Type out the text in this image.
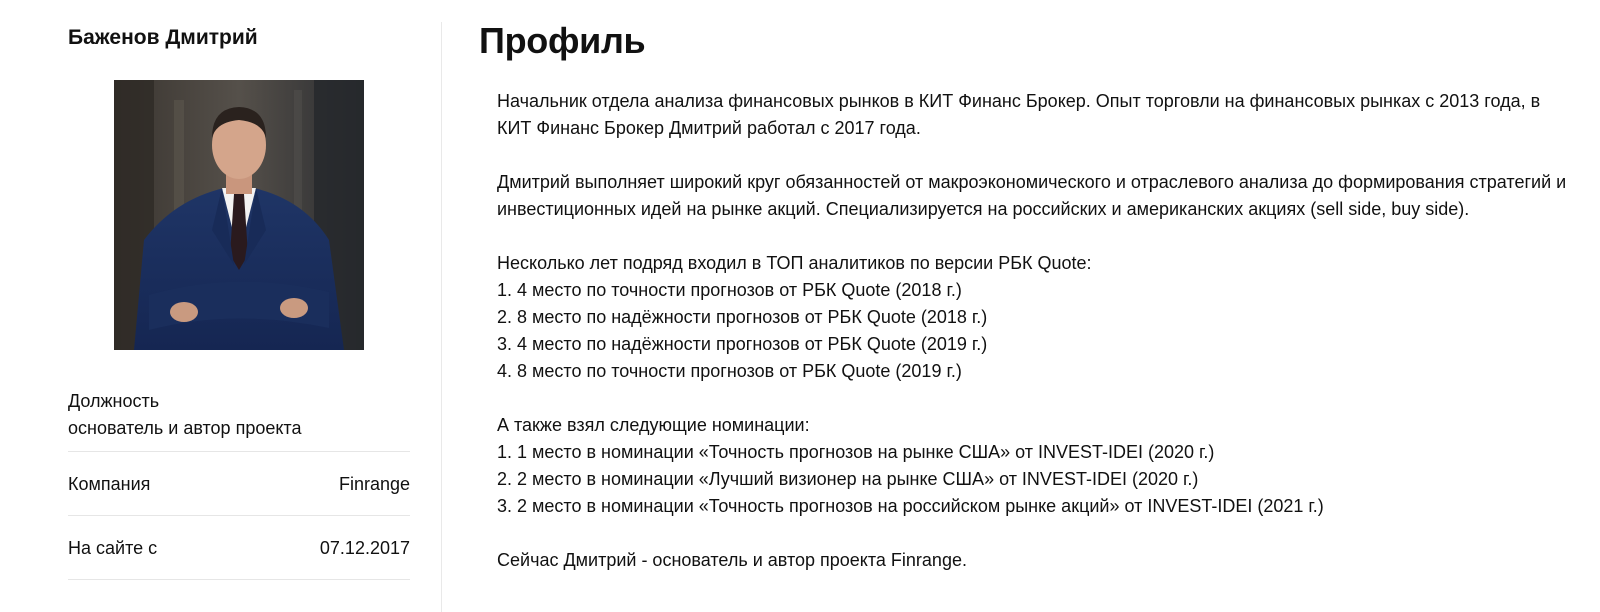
Баженов Дмитрий
Должность
основатель и автор проекта
Компания	Finrange
На сайте с	07.12.2017
Профиль

Начальник отдела анализа финансовых рынков в КИТ Финанс Брокер. Опыт торговли на финансовых рынках с 2013 года, в КИТ Финанс Брокер Дмитрий работал с 2017 года.

Дмитрий выполняет широкий круг обязанностей от макроэкономического и отраслевого анализа до формирования стратегий и инвестиционных идей на рынке акций. Специализируется на российских и американских акциях (sell side, buy side).

Несколько лет подряд входил в ТОП аналитиков по версии РБК Quote:
1. 4 место по точности прогнозов от РБК Quote (2018 г.)
2. 8 место по надёжности прогнозов от РБК Quote (2018 г.)
3. 4 место по надёжности прогнозов от РБК Quote (2019 г.)
4. 8 место по точности прогнозов от РБК Quote (2019 г.)

А также взял следующие номинации:
1. 1 место в номинации «Точность прогнозов на рынке США» от INVEST-IDEI (2020 г.)
2. 2 место в номинации «Лучший визионер на рынке США» от INVEST-IDEI (2020 г.)
3. 2 место в номинации «Точность прогнозов на российском рынке акций» от INVEST-IDEI (2021 г.)

Сейчас Дмитрий - основатель и автор проекта Finrange.
